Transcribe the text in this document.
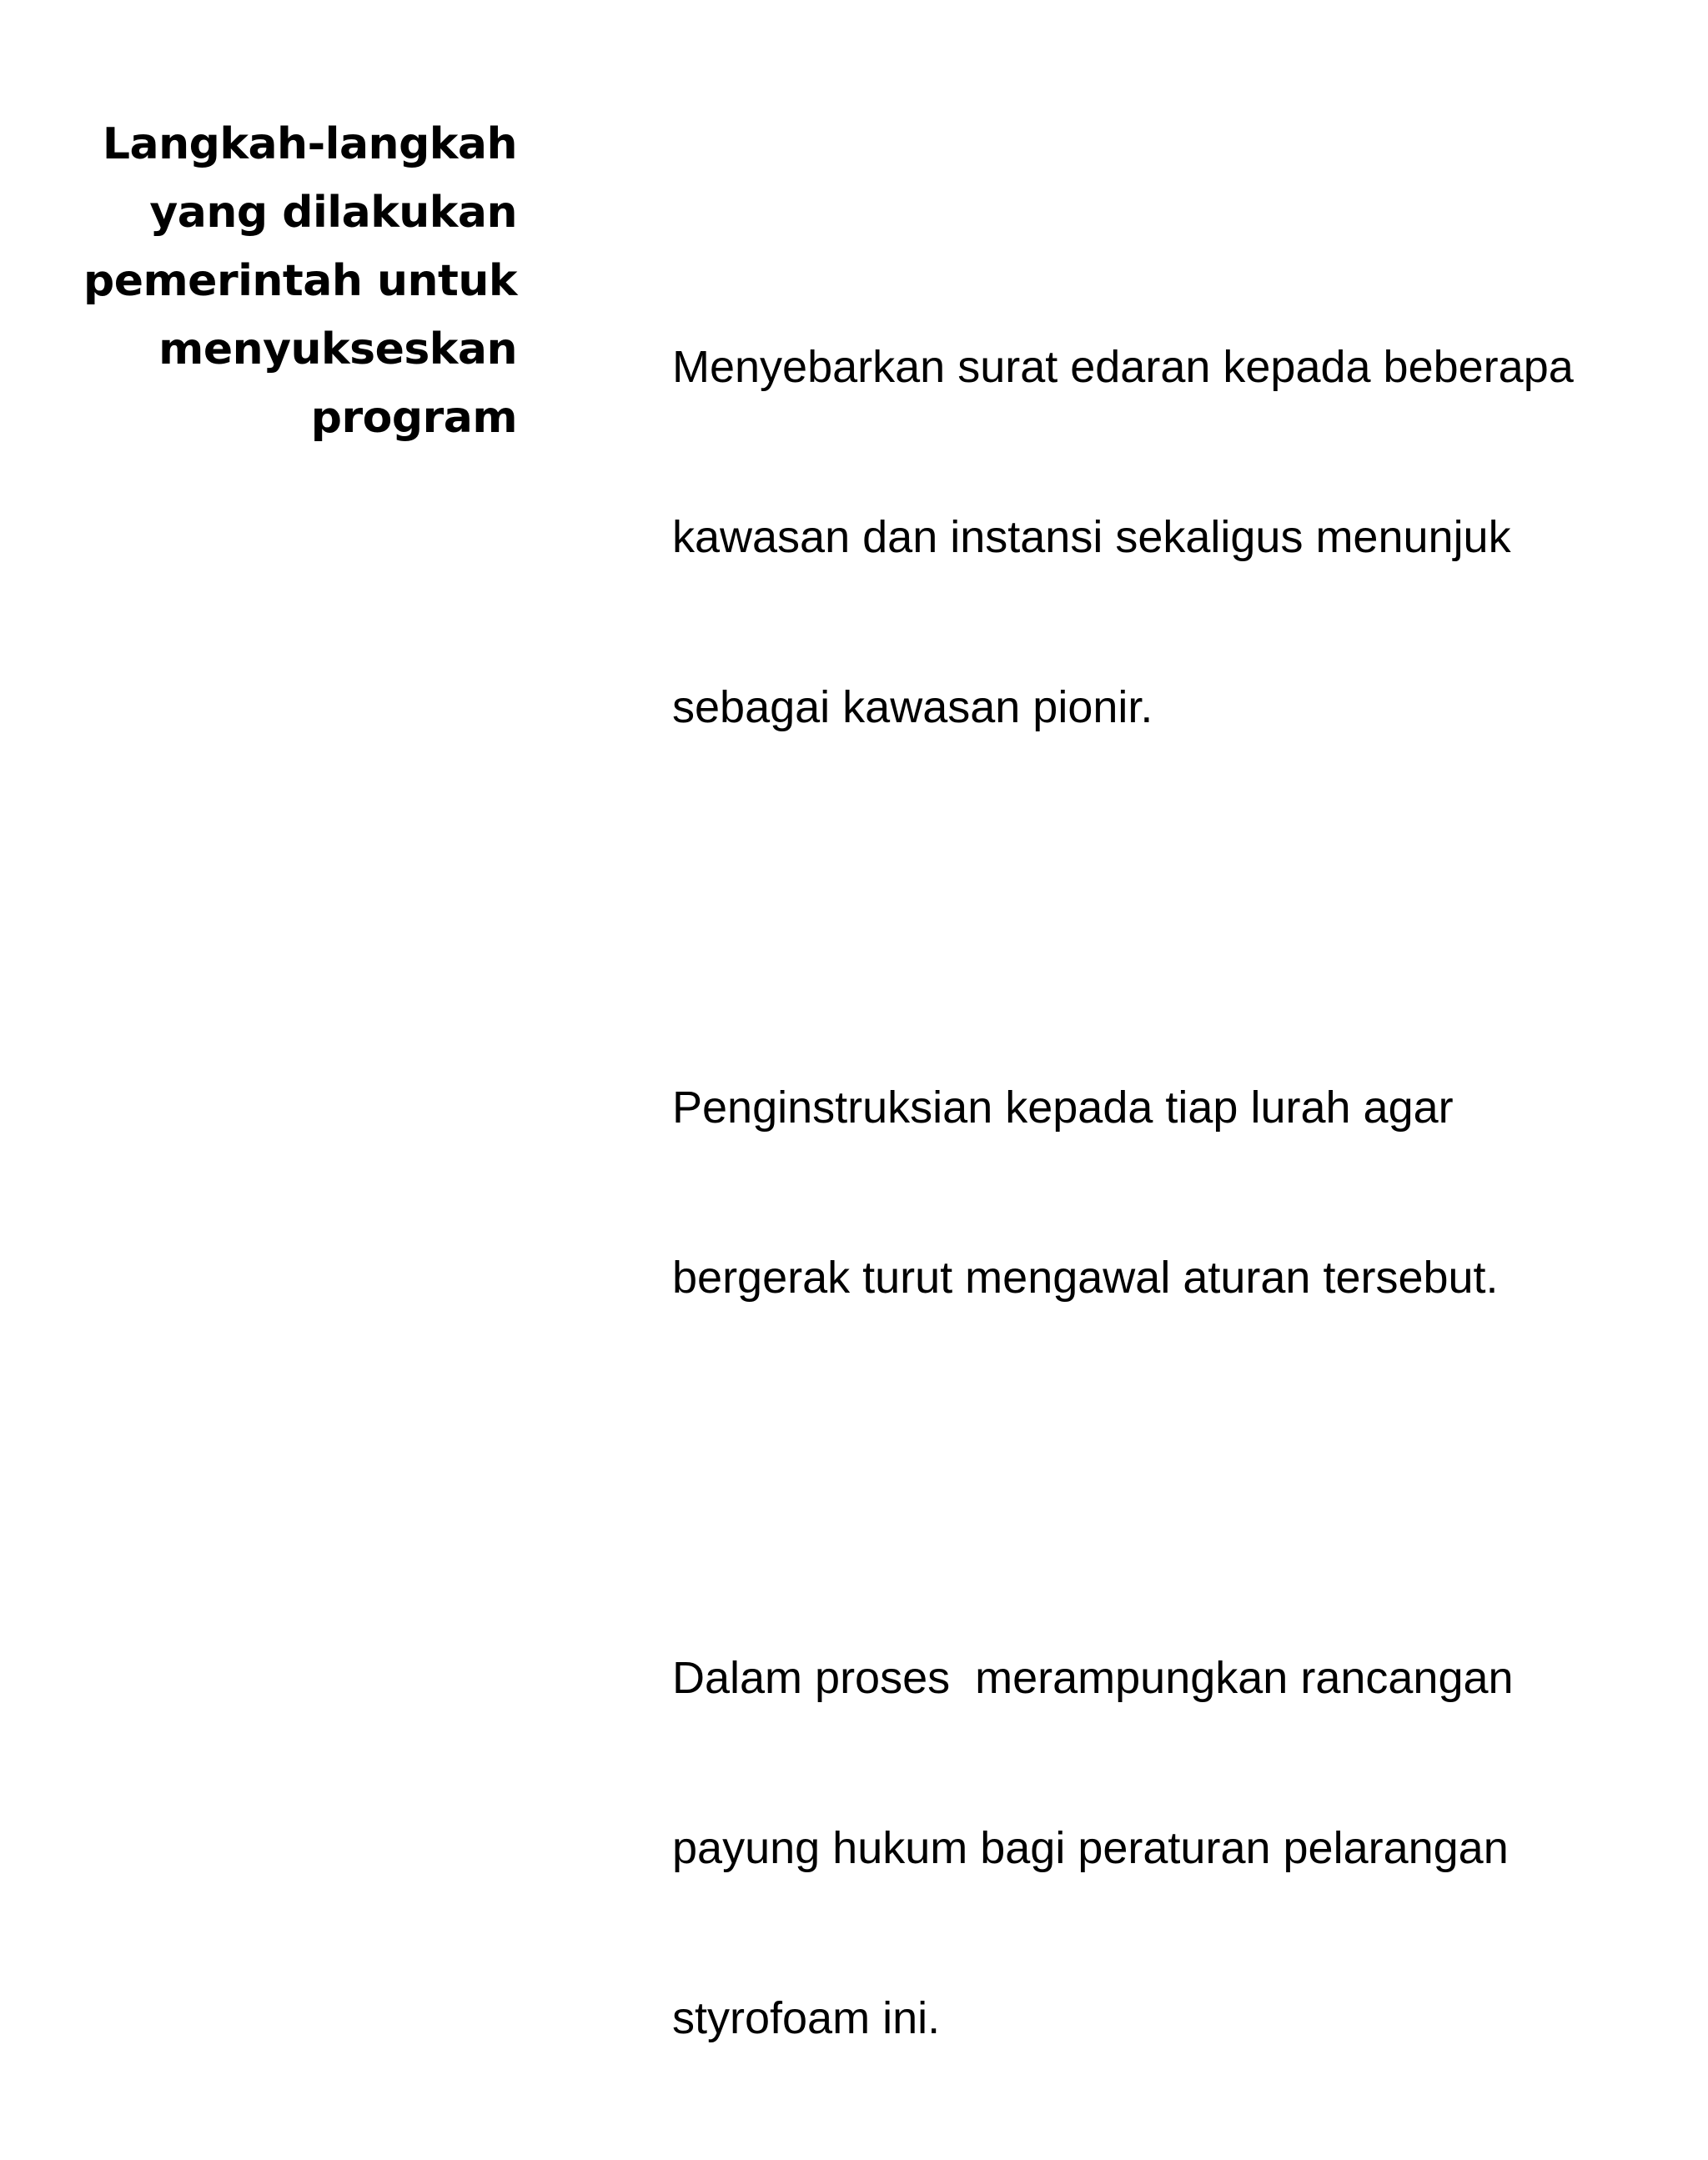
Langkah-langkah
yang dilakukan
pemerintah untuk
menyukseskan
program

Menyebarkan surat edaran kepada beberapa

kawasan dan instansi sekaligus menunjuk

sebagai kawasan pionir.

Penginstruksian kepada tiap lurah agar

bergerak turut mengawal aturan tersebut.

Dalam proses  merampungkan rancangan

payung hukum bagi peraturan pelarangan

styrofoam ini.
